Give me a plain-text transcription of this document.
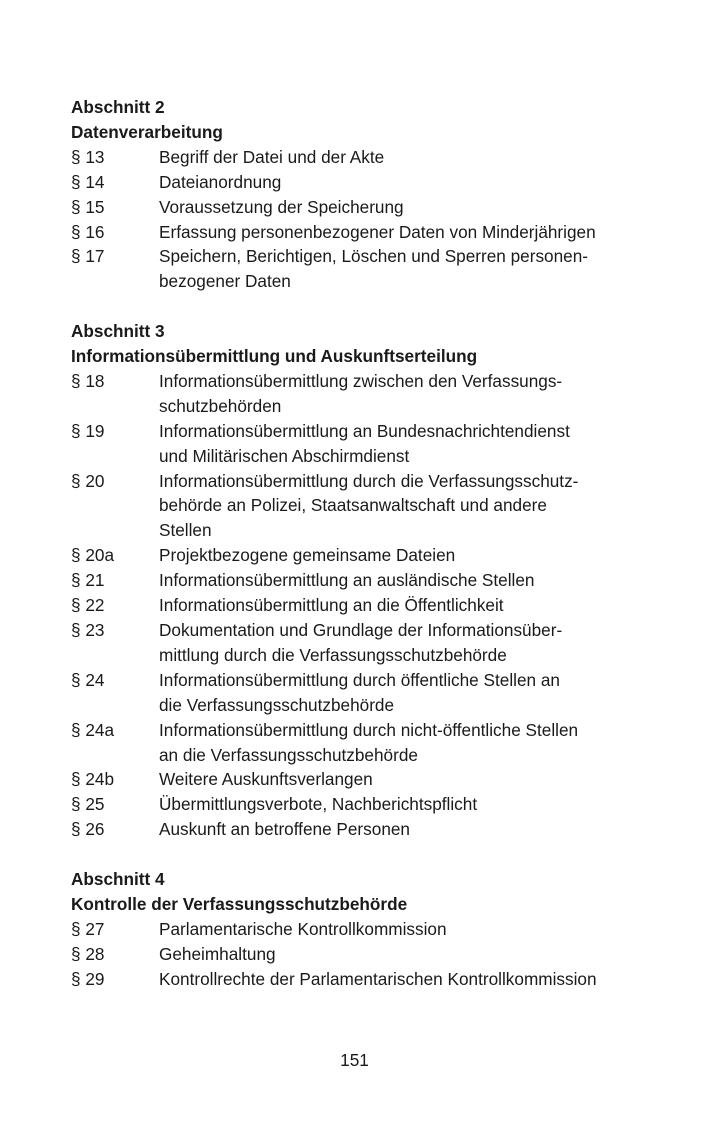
Abschnitt 2
Datenverarbeitung
§ 13	Begriff der Datei und der Akte
§ 14	Dateianordnung
§ 15	Voraussetzung der Speicherung
§ 16	Erfassung personenbezogener Daten von Minderjährigen
§ 17	Speichern, Berichtigen, Löschen und Sperren personen-
bezogener Daten
Abschnitt 3
Informationsübermittlung und Auskunftserteilung
§ 18	Informationsübermittlung zwischen den Verfassungs-
schutzbehörden
§ 19	Informationsübermittlung an Bundesnachrichtendienst
und Militärischen Abschirmdienst
§ 20	Informationsübermittlung durch die Verfassungsschutz-
behörde an Polizei, Staatsanwaltschaft und andere
Stellen
§ 20a	Projektbezogene gemeinsame Dateien
§ 21	Informationsübermittlung an ausländische Stellen
§ 22	Informationsübermittlung an die Öffentlichkeit
§ 23	Dokumentation und Grundlage der Informationsüber-
mittlung durch die Verfassungsschutzbehörde
§ 24	Informationsübermittlung durch öffentliche Stellen an
die Verfassungsschutzbehörde
§ 24a	Informationsübermittlung durch nicht-öffentliche Stellen
an die Verfassungsschutzbehörde
§ 24b	Weitere Auskunftsverlangen
§ 25	Übermittlungsverbote, Nachberichtspflicht
§ 26	Auskunft an betroffene Personen
Abschnitt 4
Kontrolle der Verfassungsschutzbehörde
§ 27	Parlamentarische Kontrollkommission
§ 28	Geheimhaltung
§ 29	Kontrollrechte der Parlamentarischen Kontrollkommission
151
